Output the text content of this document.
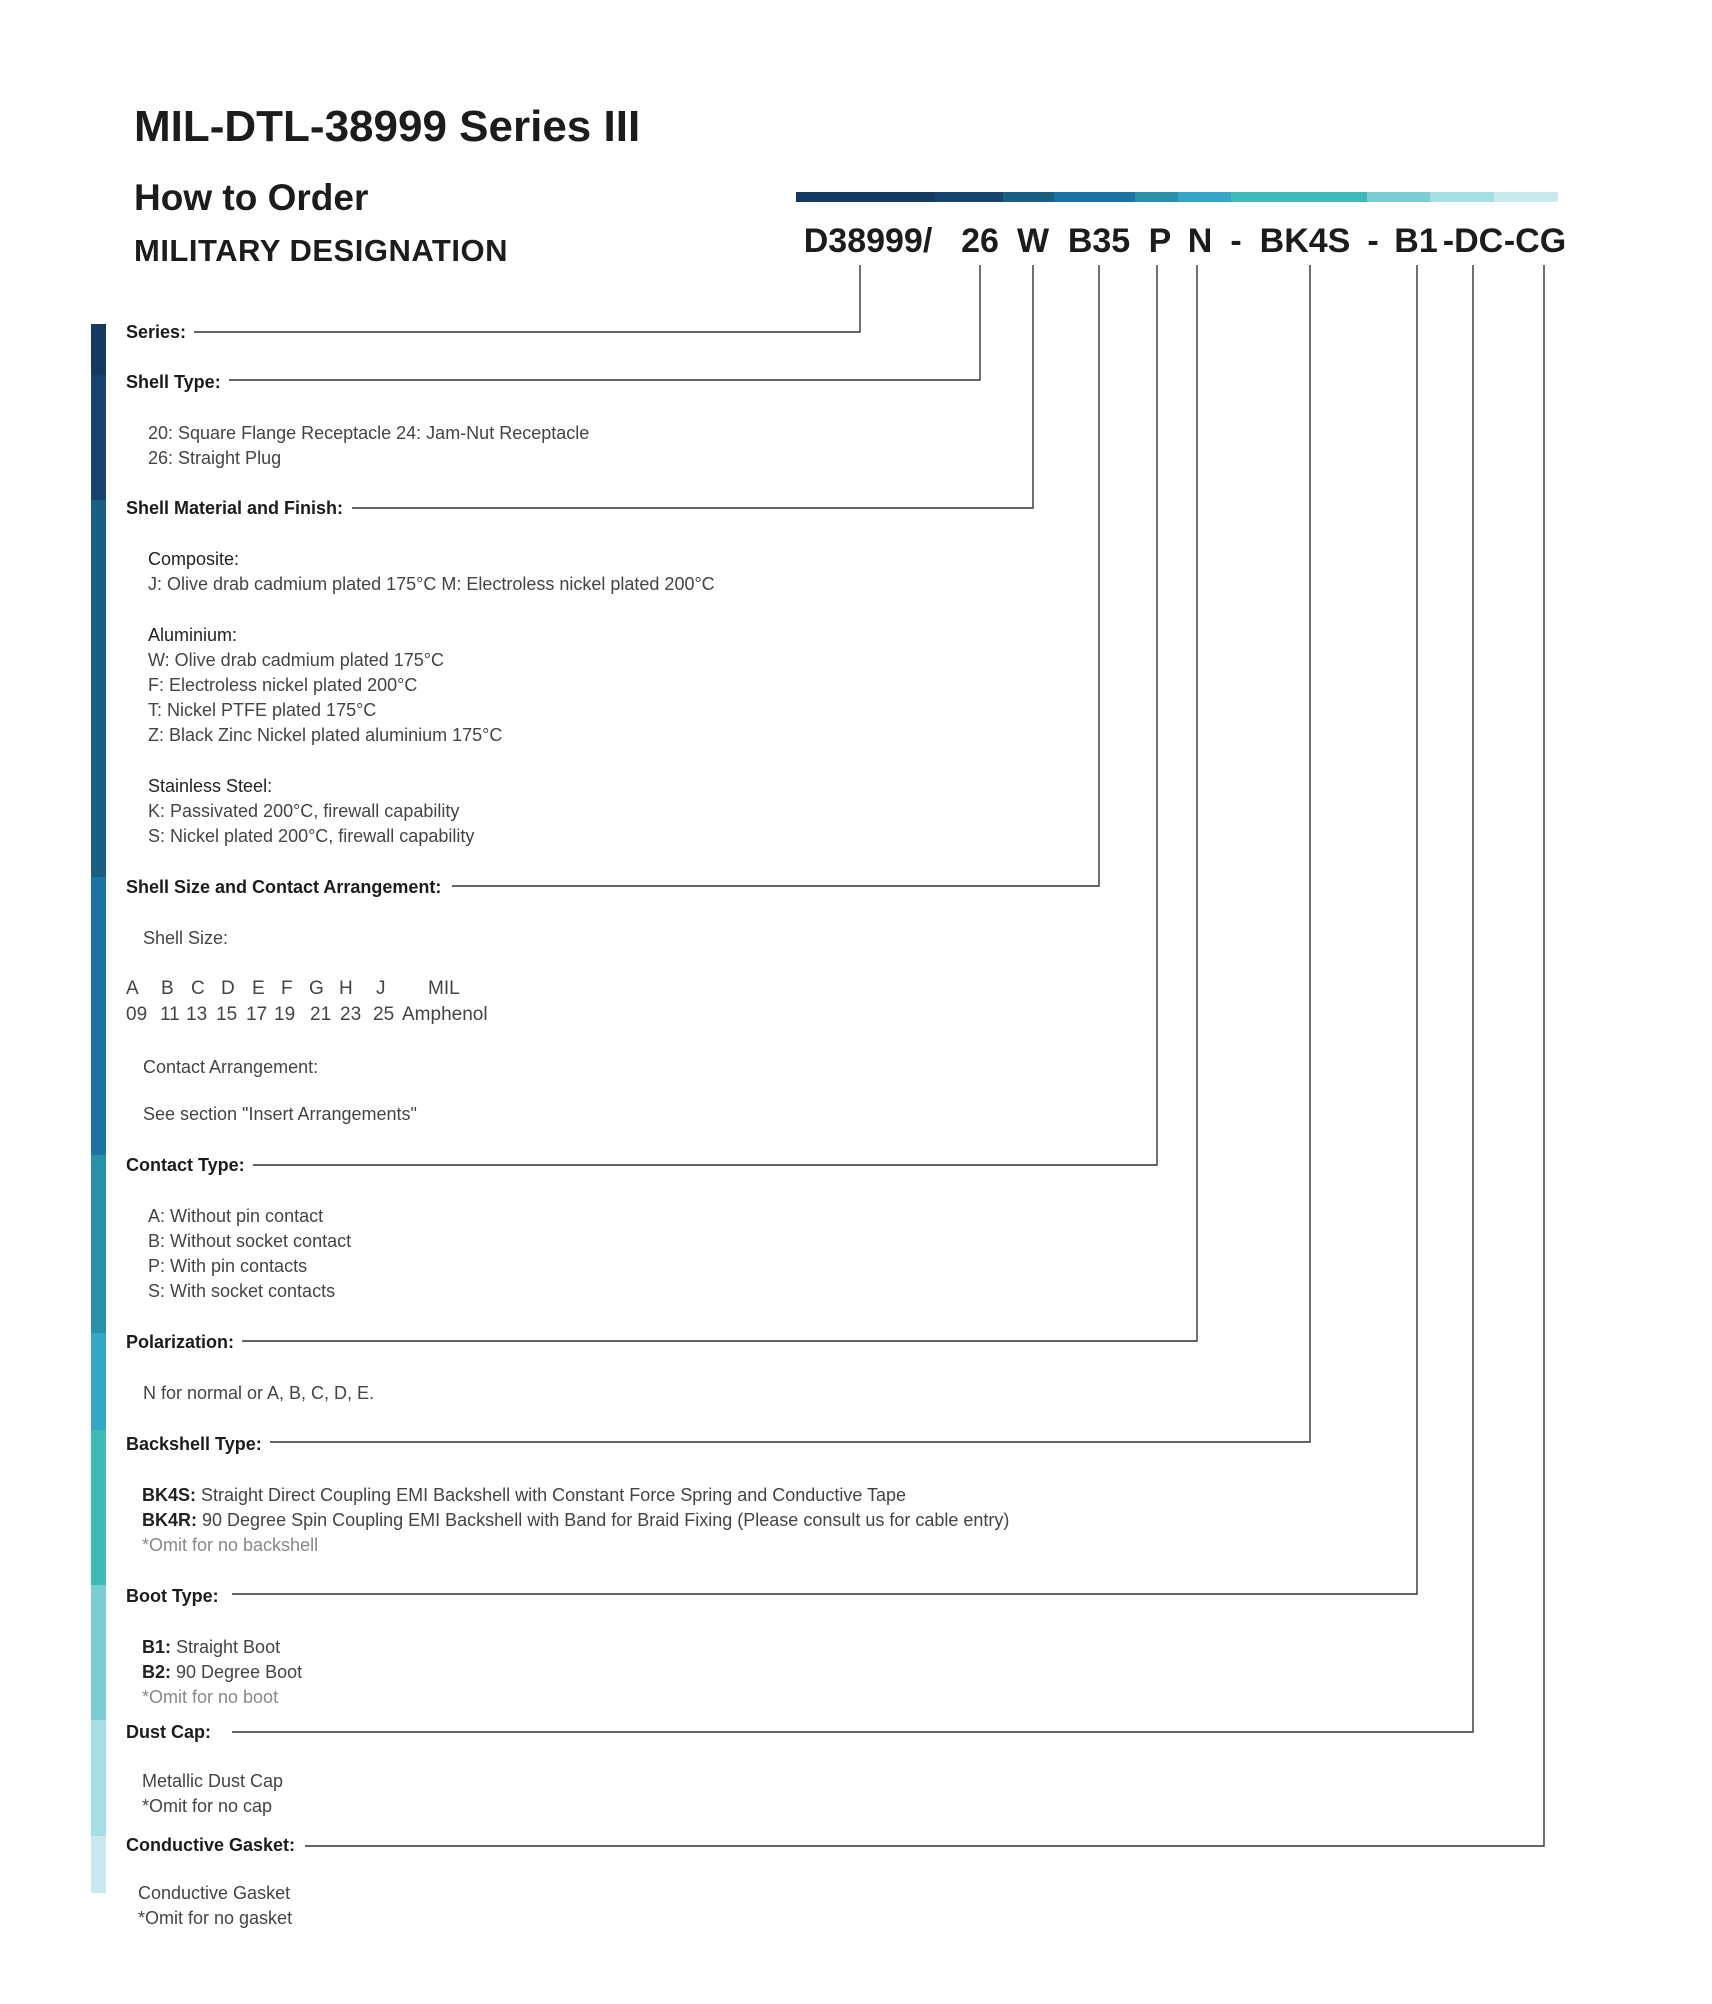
MIL-DTL-38999 Series III
How to Order
MILITARY DESIGNATION	D38999/ 26 W B35 P N - BK4S - B1 -DC -CG
Series:
Shell Type:
20: Square Flange Receptacle 24: Jam-Nut Receptacle
26: Straight Plug
Shell Material and Finish:
Composite:
J: Olive drab cadmium plated 175°C M: Electroless nickel plated 200°C
Aluminium:
W: Olive drab cadmium plated 175°C
F: Electroless nickel plated 200°C
T: Nickel PTFE plated 175°C
Z: Black Zinc Nickel plated aluminium 175°C
Stainless Steel:
K: Passivated 200°C, firewall capability
S: Nickel plated 200°C, firewall capability
Shell Size and Contact Arrangement:
Shell Size:
A B C D E F G H J MIL
09 11 13 15 17 19 21 23 25 Amphenol
Contact Arrangement:
See section "Insert Arrangements"
Contact Type:
A: Without pin contact
B: Without socket contact
P: With pin contacts
S: With socket contacts
Polarization:
N for normal or A, B, C, D, E.
Backshell Type:
BK4S: Straight Direct Coupling EMI Backshell with Constant Force Spring and Conductive Tape
BK4R: 90 Degree Spin Coupling EMI Backshell with Band for Braid Fixing (Please consult us for cable entry)
*Omit for no backshell
Boot Type:
B1: Straight Boot
B2: 90 Degree Boot
*Omit for no boot
Dust Cap:
Metallic Dust Cap
*Omit for no cap
Conductive Gasket:
Conductive Gasket
*Omit for no gasket
